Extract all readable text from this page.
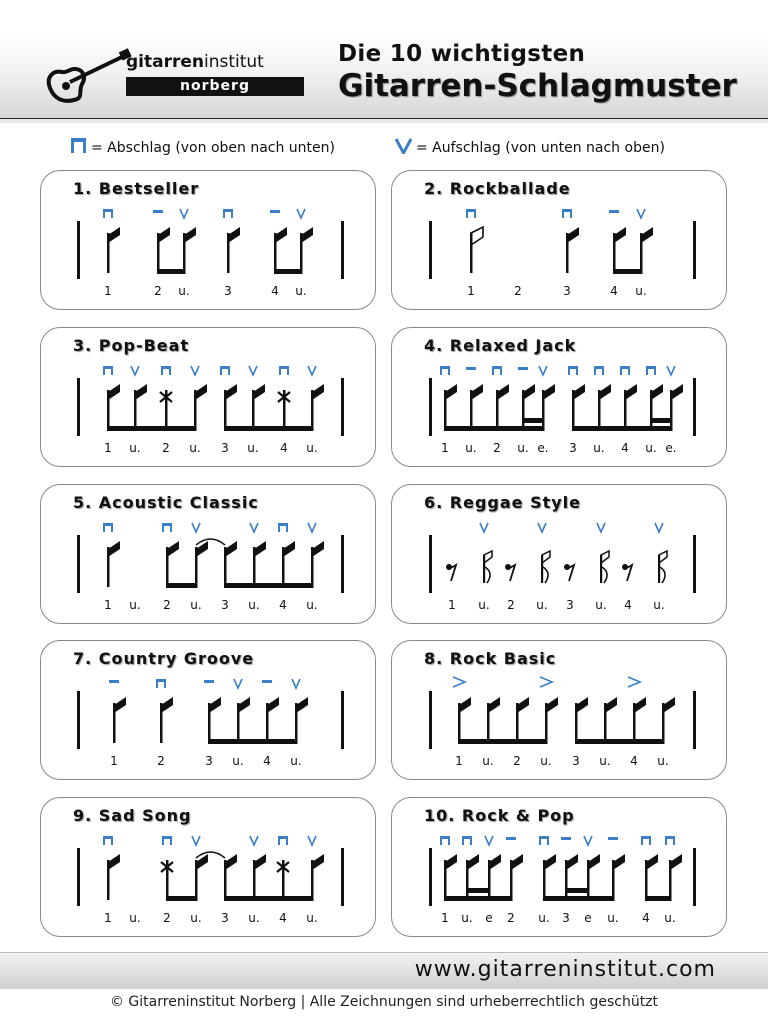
gitarreninstitut
norberg
Die 10 wichtigsten
Gitarren-Schlagmuster
= Abschlag (von oben nach unten)	= Aufschlag (von unten nach oben)
1. Bestseller
1	2 u.	3	4 u.
2. Rockballade
1	2	3	4 u.
3. Pop-Beat
1 u. 2 u. 3 u. 4 u.
4. Relaxed Jack
1 u. 2 u. e. 3 u. 4 u. e.
5. Acoustic Classic
1 u. 2 u. 3 u. 4 u.
6. Reggae Style
1 u. 2 u. 3 u. 4 u.
7. Country Groove
1	2	3 u. 4 u.
8. Rock Basic
1 u. 2 u. 3 u. 4 u.
9. Sad Song
1 u. 2 u. 3 u. 4 u.
10. Rock & Pop
1 u. e 2 u. 3 e u. 4 u.
www.gitarreninstitut.com
© Gitarreninstitut Norberg | Alle Zeichnungen sind urheberrechtlich geschützt
